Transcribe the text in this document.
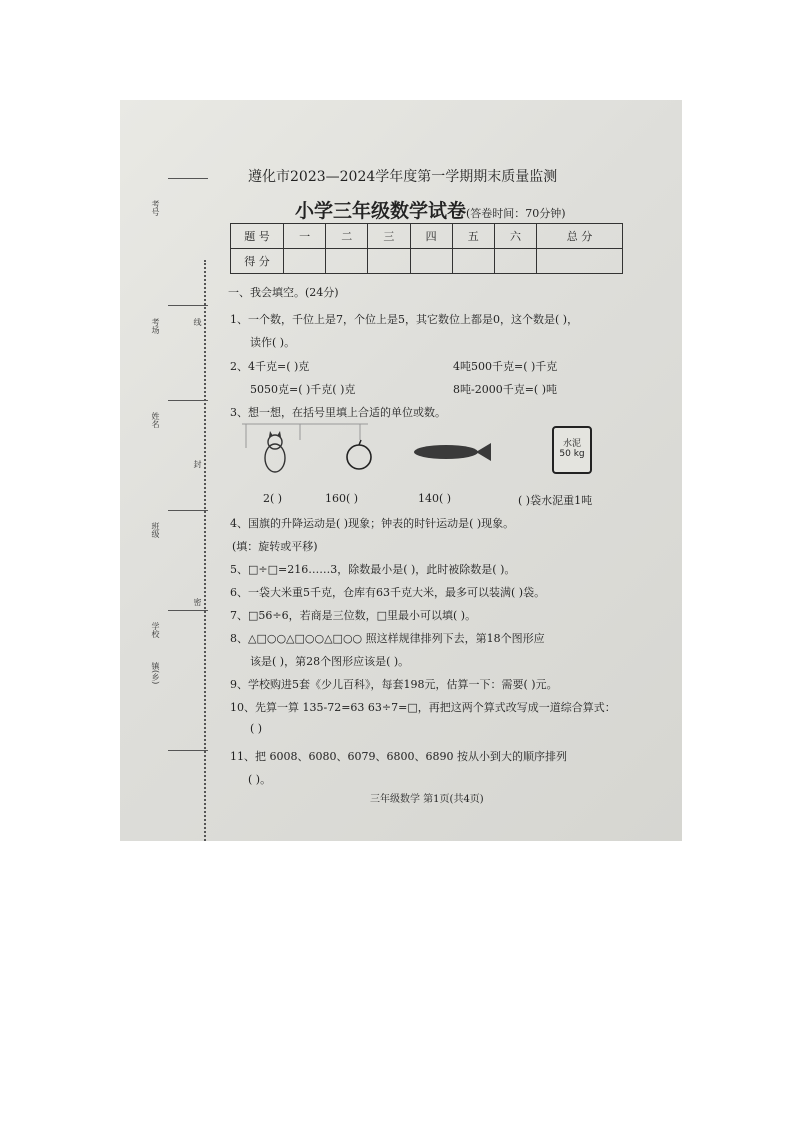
考号
考场
姓名
班级
学校
镇(乡)
线
封
密
遵化市2023—2024学年度第一学期期末质量监测
小学三年级数学试卷(答卷时间：70分钟)
题 号	一	二	三	四	五	六	总 分
得 分							
一、我会填空。(24分)
1、一个数，千位上是7，个位上是5，其它数位上都是0，这个数是( )，
读作( )。
2、4千克=( )克	4吨500千克=( )千克
5050克=( )千克( )克	8吨-2000千克=( )吨
3、想一想，在括号里填上合适的单位或数。
水泥
50 kg
2( )	160( )	140( )	( )袋水泥重1吨
4、国旗的升降运动是( )现象；钟表的时针运动是( )现象。
(填：旋转或平移)
5、□÷□=216……3，除数最小是( )，此时被除数是( )。
6、一袋大米重5千克，仓库有63千克大米，最多可以装满( )袋。
7、□56÷6，若商是三位数，□里最小可以填( )。
8、△□○○△□○○△□○○ 照这样规律排列下去，第18个图形应
该是( )，第28个图形应该是( )。
9、学校购进5套《少儿百科》，每套198元，估算一下：需要( )元。
10、先算一算 135-72=63 63÷7=□，再把这两个算式改写成一道综合算式：
( )
11、把 6008、6080、6079、6800、6890 按从小到大的顺序排列
( )。
三年级数学 第1页(共4页)
